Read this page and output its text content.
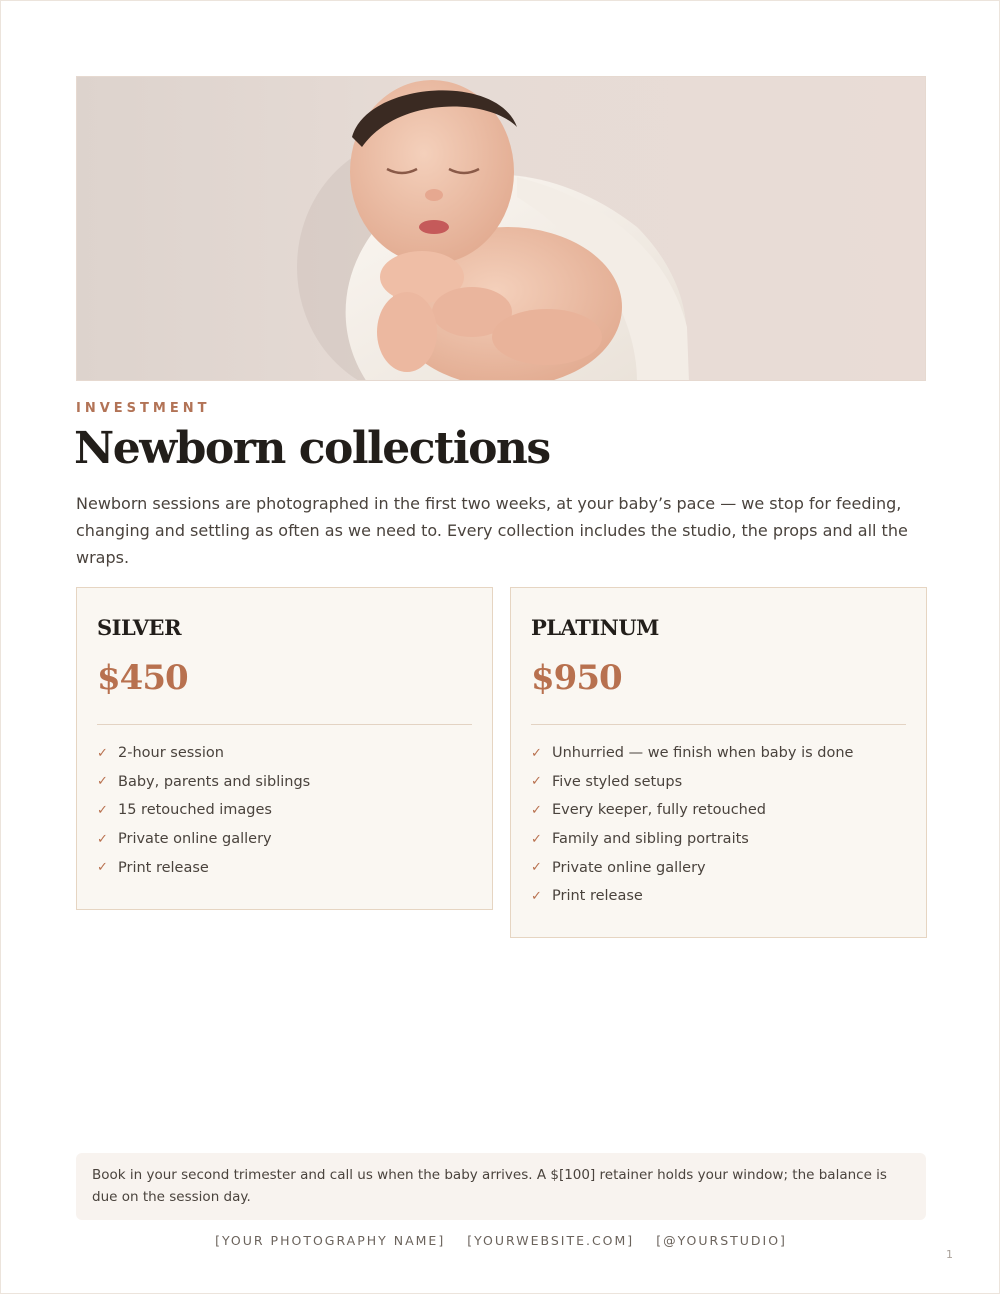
INVESTMENT
Newborn collections

Newborn sessions are photographed in the first two weeks, at your baby’s pace — we stop for feeding, changing and settling as often as we need to. Every collection includes the studio, the props and all the wraps.

SILVER
$450
✓ 2-hour session
✓ Baby, parents and siblings
✓ 15 retouched images
✓ Private online gallery
✓ Print release
PLATINUM
$950
✓ Unhurried — we finish when baby is done
✓ Five styled setups
✓ Every keeper, fully retouched
✓ Family and sibling portraits
✓ Private online gallery
✓ Print release
Book in your second trimester and call us when the baby arrives. A $[100] retainer holds your window; the balance is due on the session day.
[YOUR PHOTOGRAPHY NAME] [YOURWEBSITE.COM] [@YOURSTUDIO]
1
